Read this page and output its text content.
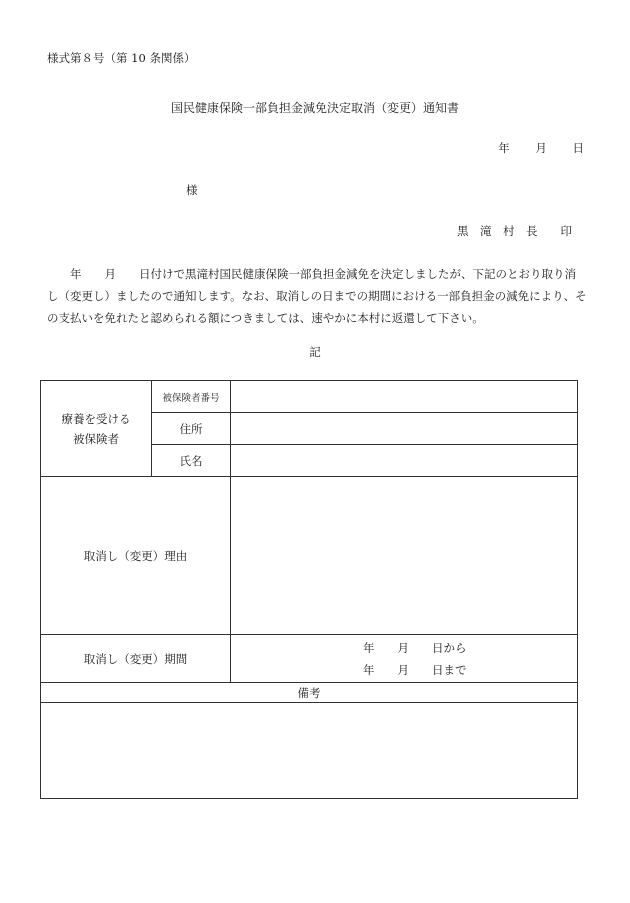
様式第８号（第 10 条関係）
国民健康保険一部負担金減免決定取消（変更）通知書
年 月 日
様
黒　滝　村　長　　印

年　　月　　日付けで黒滝村国民健康保険一部負担金減免を決定しましたが、下記のとおり取り消し（変更し）ましたので通知します。なお、取消しの日までの期間における一部負担金の減免により、その支払いを免れたと認められる額につきましては、速やかに本村に返還して下さい。

記
療養を受ける被保険者	被保険者番号	
	住所	
	氏名	
取消し（変更）理由		
取消し（変更）期間		年　　月　　日から
年　　月　　日まで

備考		
